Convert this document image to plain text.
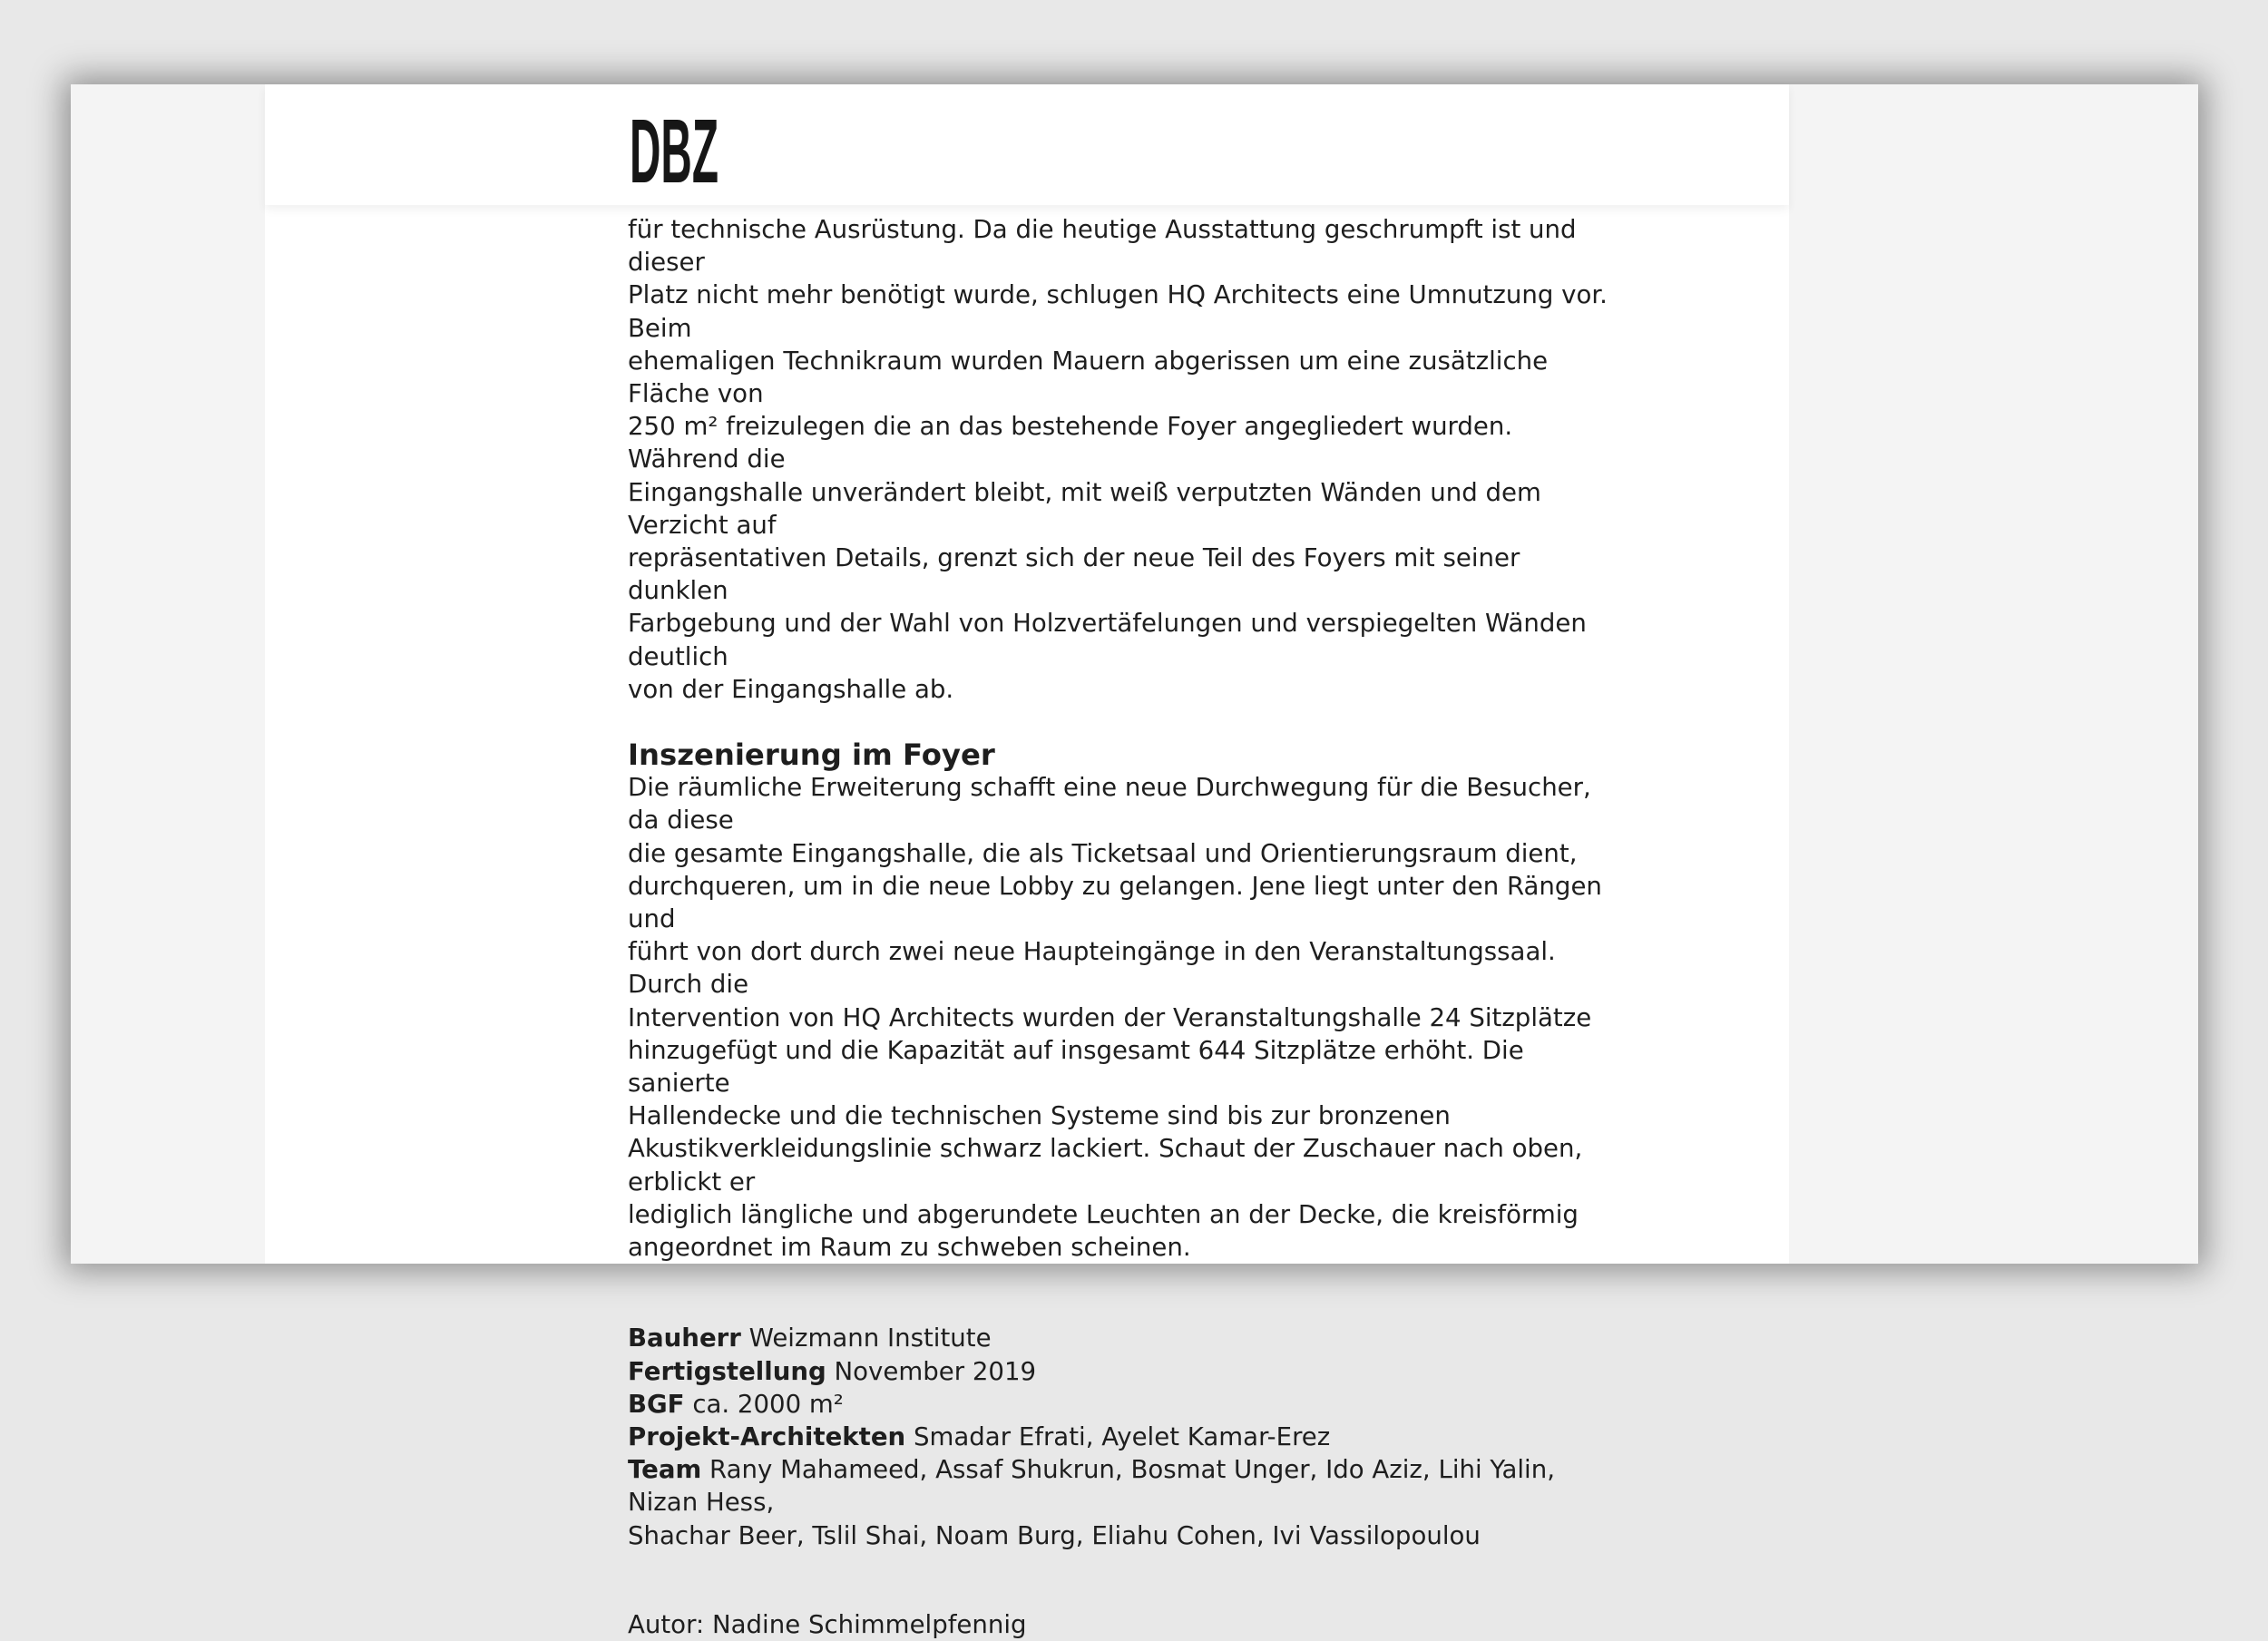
DBZ

für technische Ausrüstung. Da die heutige Ausstattung geschrumpft ist und dieser
Platz nicht mehr benötigt wurde, schlugen HQ Architects eine Umnutzung vor. Beim
ehemaligen Technikraum wurden Mauern abgerissen um eine zusätzliche Fläche von
250 m² freizulegen die an das bestehende Foyer angegliedert wurden. Während die
Eingangshalle unverändert bleibt, mit weiß verputzten Wänden und dem Verzicht auf
repräsentativen Details, grenzt sich der neue Teil des Foyers mit seiner dunklen
Farbgebung und der Wahl von Holzvertäfelungen und verspiegelten Wänden deutlich
von der Eingangshalle ab.

Inszenierung im Foyer

Die räumliche Erweiterung schafft eine neue Durchwegung für die Besucher, da diese
die gesamte Eingangshalle, die als Ticketsaal und Orientierungsraum dient,
durchqueren, um in die neue Lobby zu gelangen. Jene liegt unter den Rängen und
führt von dort durch zwei neue Haupteingänge in den Veranstaltungssaal. Durch die
Intervention von HQ Architects wurden der Veranstaltungshalle 24 Sitzplätze
hinzugefügt und die Kapazität auf insgesamt 644 Sitzplätze erhöht. Die sanierte
Hallendecke und die technischen Systeme sind bis zur bronzenen
Akustikverkleidungslinie schwarz lackiert. Schaut der Zuschauer nach oben, erblickt er
lediglich längliche und abgerundete Leuchten an der Decke, die kreisförmig
angeordnet im Raum zu schweben scheinen.

Bauherr Weizmann Institute
Fertigstellung November 2019
BGF ca. 2000 m²
Projekt-Architekten Smadar Efrati, Ayelet Kamar-Erez
Team Rany Mahameed, Assaf Shukrun, Bosmat Unger, Ido Aziz, Lihi Yalin, Nizan Hess,
Shachar Beer, Tslil Shai, Noam Burg, Eliahu Cohen, Ivi Vassilopoulou

Autor: Nadine Schimmelpfennig
